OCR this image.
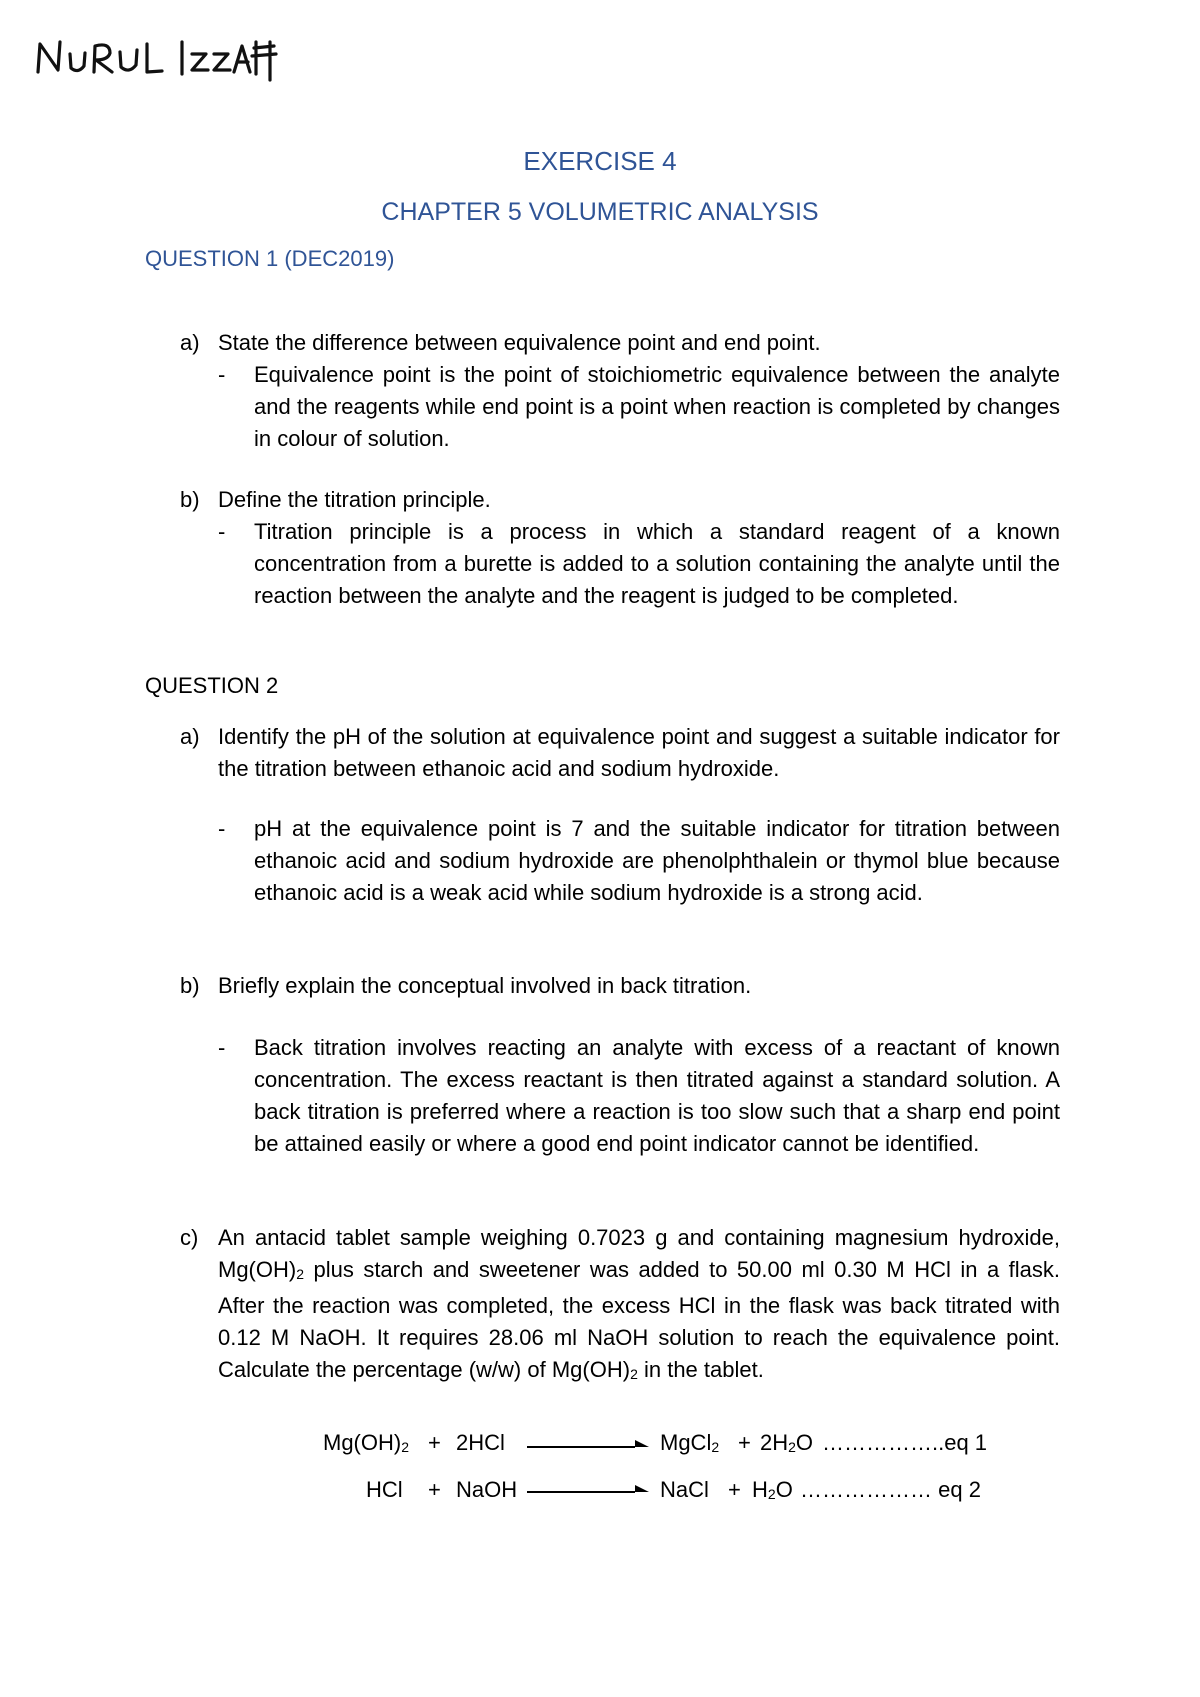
EXERCISE 4
CHAPTER 5 VOLUMETRIC ANALYSIS
QUESTION 1 (DEC2019)
a) State the difference between equivalence point and end point.
- Equivalence point is the point of stoichiometric equivalence between the analyte and the reagents while end point is a point when reaction is completed by changes in colour of solution.
b) Define the titration principle.
- Titration principle is a process in which a standard reagent of a known concentration from a burette is added to a solution containing the analyte until the reaction between the analyte and the reagent is judged to be completed.
QUESTION 2
a) Identify the pH of the solution at equivalence point and suggest a suitable indicator for the titration between ethanoic acid and sodium hydroxide.
- pH at the equivalence point is 7 and the suitable indicator for titration between ethanoic acid and sodium hydroxide are phenolphthalein or thymol blue because ethanoic acid is a weak acid while sodium hydroxide is a strong acid.
b) Briefly explain the conceptual involved in back titration.
- Back titration involves reacting an analyte with excess of a reactant of known concentration. The excess reactant is then titrated against a standard solution. A back titration is preferred where a reaction is too slow such that a sharp end point be attained easily or where a good end point indicator cannot be identified.
c) An antacid tablet sample weighing 0.7023 g and containing magnesium hydroxide, Mg(OH)2 plus starch and sweetener was added to 50.00 ml 0.30 M HCl in a flask. After the reaction was completed, the excess HCl in the flask was back titrated with 0.12 M NaOH. It requires 28.06 ml NaOH solution to reach the equivalence point. Calculate the percentage (w/w) of Mg(OH)2 in the tablet.
Mg(OH)2 + 2HCl	MgCl2 + 2H2O ……………..eq 1
HCl + NaOH	NaCl + H2O ……………… eq 2
